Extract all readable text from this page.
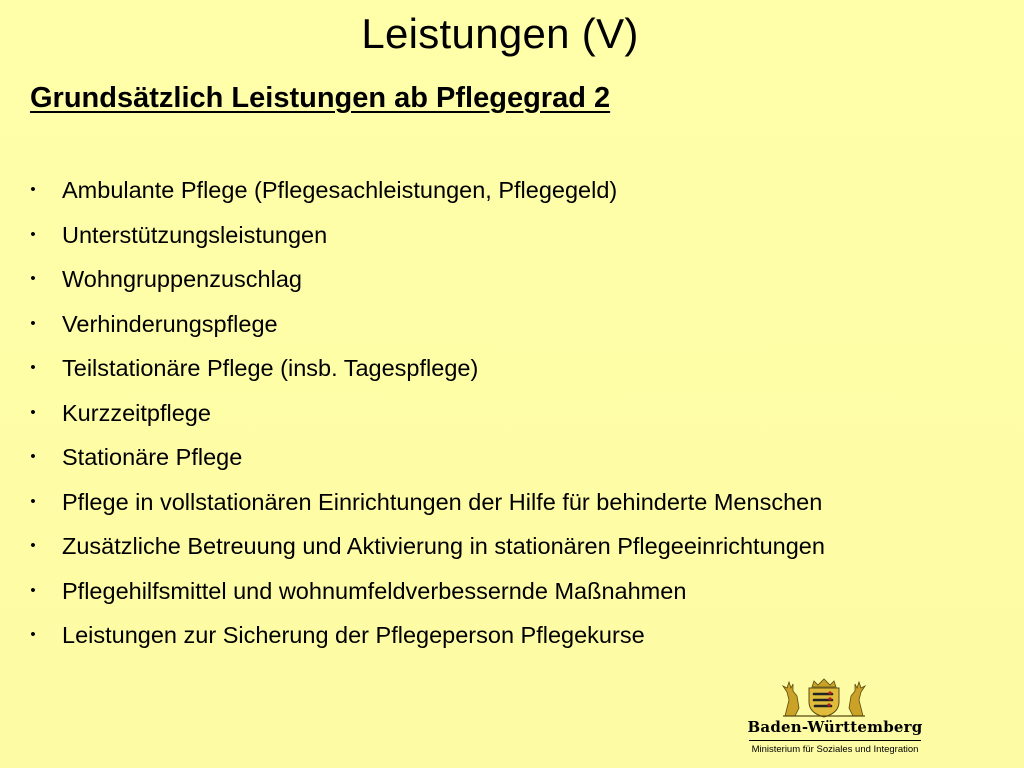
Leistungen (V)
Grundsätzlich Leistungen ab Pflegegrad 2
• Ambulante Pflege (Pflegesachleistungen, Pflegegeld)
• Unterstützungsleistungen
• Wohngruppenzuschlag
• Verhinderungspflege
• Teilstationäre Pflege (insb. Tagespflege)
• Kurzzeitpflege
• Stationäre Pflege
• Pflege in vollstationären Einrichtungen der Hilfe für behinderte Menschen
• Zusätzliche Betreuung und Aktivierung in stationären Pflegeeinrichtungen
• Pflegehilfsmittel und wohnumfeldverbessernde Maßnahmen
• Leistungen zur Sicherung der Pflegeperson Pflegekurse
Baden-Württemberg
Ministerium für Soziales und Integration
